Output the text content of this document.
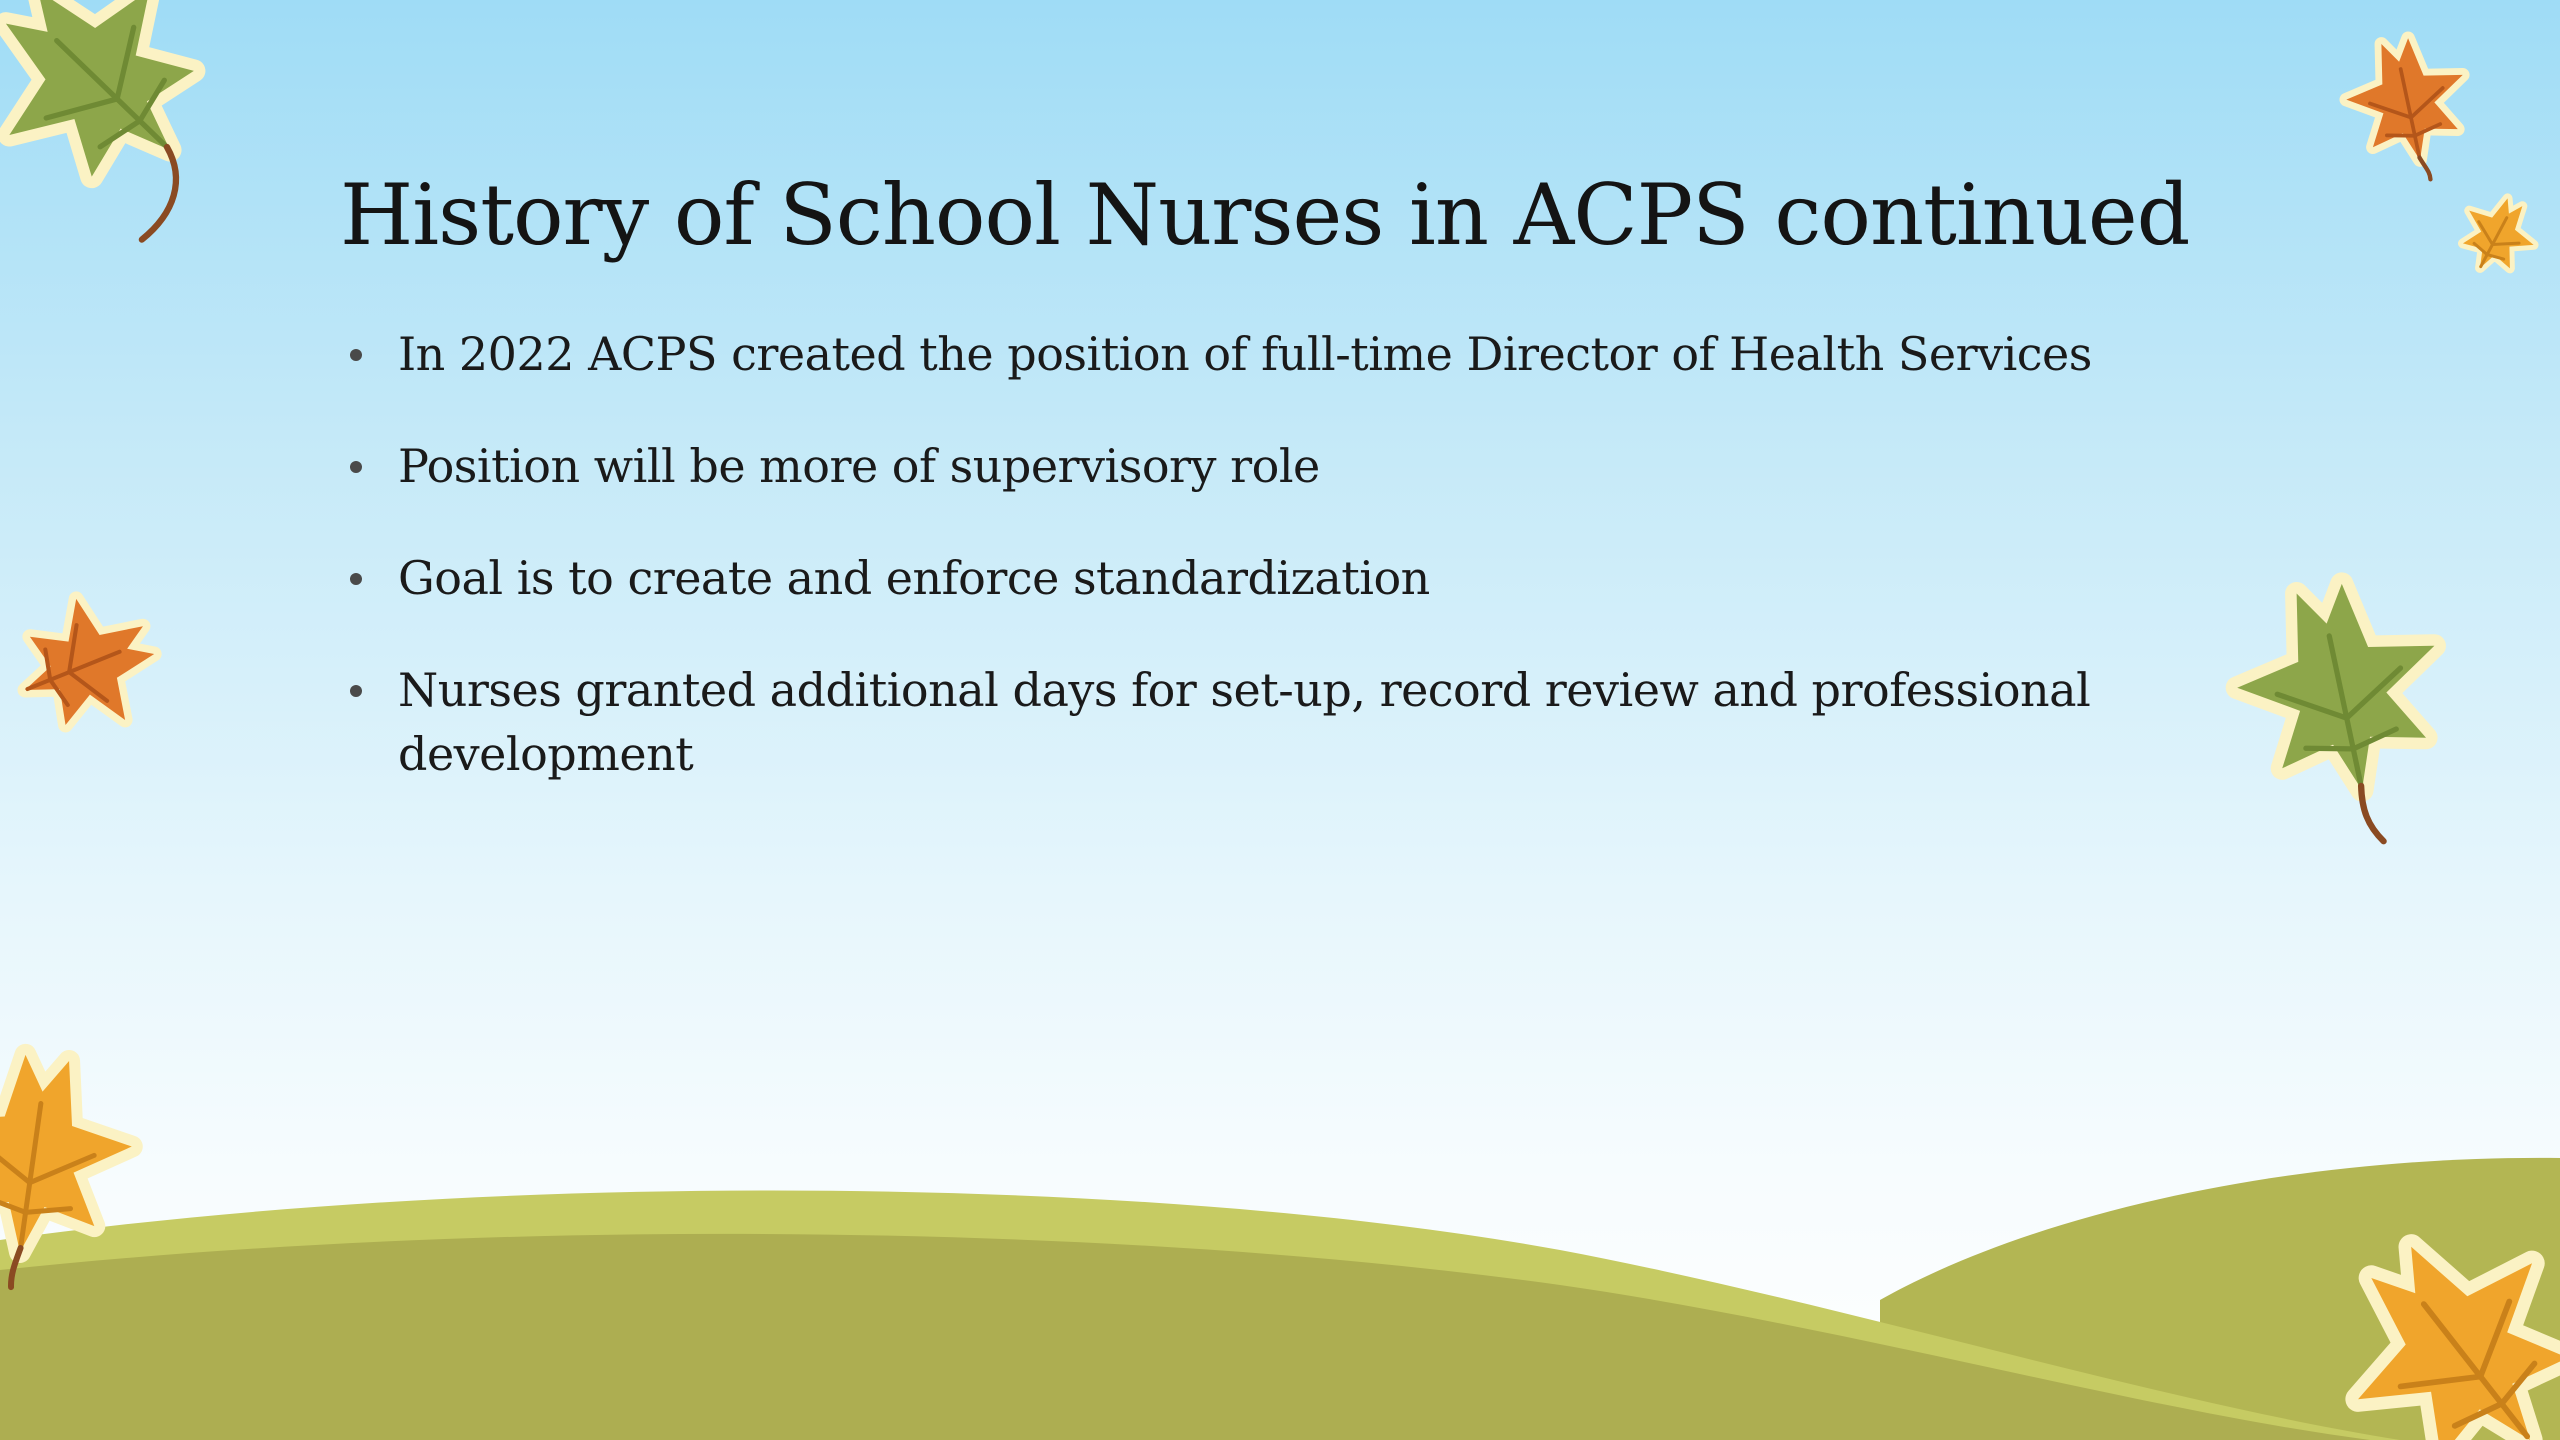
History of School Nurses in ACPS continued
In 2022 ACPS created the position of full-time Director of Health Services
Position will be more of supervisory role
Goal is to create and enforce standardization
Nurses granted additional days for set-up, record review and professional development
